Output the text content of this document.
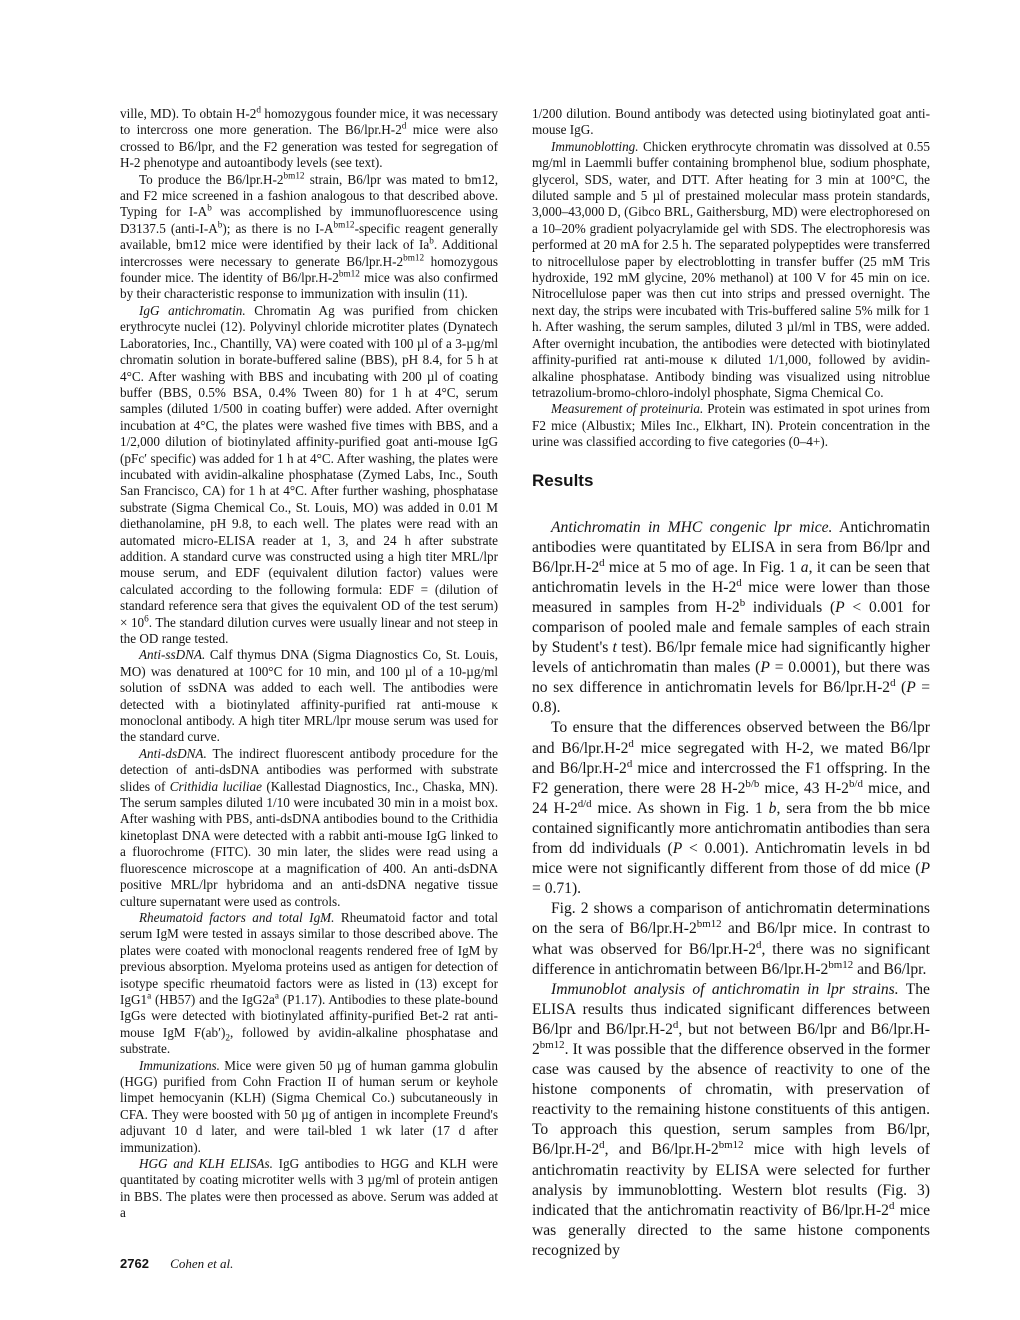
ville, MD). To obtain H-2$^d$ homozygous founder mice, it was necessary to intercross one more generation. The B6/lpr.H-2$^d$ mice were also crossed to B6/lpr, and the F2 generation was tested for segregation of H-2 phenotype and autoantibody levels (see text).

To produce the $B6/lpr.H-2^{bm12}$ strain, B6/lpr was mated to bm12, and F2 mice screened in a fashion analogous to that described above. Typing for $I-A^b$ was accomplished by immunofluorescence using D3137.5 $(anti-I-A^b)$; as there is no $I-A^{bm12}$-specific reagent generally available, bm12 mice were identified by their lack of Ia$^b$. Additional intercrosses were necessary to generate $B6/lpr.H-2^{bm12}$ homozygous founder mice. The identity of $B6/lpr.H-2^{bm12}$ mice was also confirmed by their characteristic response to immunization with insulin (11).

IgG antichromatin. Chromatin Ag was purified from chicken erythrocyte nuclei (12). Polyvinyl chloride microtiter plates (Dynatech Laboratories, Inc., Chantilly, VA) were coated with 100 µl of a 3-µg/ml chromatin solution in borate-buffered saline (BBS), pH 8.4, for 5 h at 4°C. After washing with BBS and incubating with 200 µl of coating buffer (BBS, 0.5% BSA, 0.4% Tween 80) for 1 h at 4°C, serum samples (diluted 1/500 in coating buffer) were added. After overnight incubation at 4°C, the plates were washed five times with BBS, and a 1/2,000 dilution of biotinylated affinity-purified goat anti-mouse IgG (pFc′ specific) was added for 1 h at 4°C. After washing, the plates were incubated with avidin-alkaline phosphatase (Zymed Labs, Inc., South San Francisco, CA) for 1 h at 4°C. After further washing, phosphatase substrate (Sigma Chemical Co., St. Louis, MO) was added in 0.01 M diethanolamine, pH 9.8, to each well. The plates were read with an automated micro-ELISA reader at 1, 3, and 24 h after substrate addition. A standard curve was constructed using a high titer MRL/lpr mouse serum, and EDF (equivalent dilution factor) values were calculated according to the following formula: EDF = (dilution of standard reference sera that gives the equivalent OD of the test serum) × $10^6$. The standard dilution curves were usually linear and not steep in the OD range tested.

Anti-ssDNA. Calf thymus DNA (Sigma Diagnostics Co, St. Louis, MO) was denatured at 100°C for 10 min, and 100 µl of a 10-µg/ml solution of ssDNA was added to each well. The antibodies were detected with a biotinylated affinity-purified rat anti-mouse κ monoclonal antibody. A high titer MRL/lpr mouse serum was used for the standard curve.

Anti-dsDNA. The indirect fluorescent antibody procedure for the detection of anti-dsDNA antibodies was performed with substrate slides of Crithidia luciliae (Kallestad Diagnostics, Inc., Chaska, MN). The serum samples diluted 1/10 were incubated 30 min in a moist box. After washing with PBS, anti-dsDNA antibodies bound to the Crithidia kinetoplast DNA were detected with a rabbit anti-mouse IgG linked to a fluorochrome (FITC). 30 min later, the slides were read using a fluorescence microscope at a magnification of 400. An anti-dsDNA positive MRL/lpr hybridoma and an anti-dsDNA negative tissue culture supernatant were used as controls.

Rheumatoid factors and total IgM. Rheumatoid factor and total serum IgM were tested in assays similar to those described above. The plates were coated with monoclonal reagents rendered free of IgM by previous absorption. Myeloma proteins used as antigen for detection of isotype specific rheumatoid factors were as listed in (13) except for IgG1$^a$ (HB57) and the $IgG2a^a$ (P1.17). Antibodies to these plate-bound IgGs were detected with biotinylated affinity-purified Bet-2 rat anti-mouse IgM $F(ab')_2$, followed by avidin-alkaline phosphatase and substrate.

Immunizations. Mice were given 50 µg of human gamma globulin (HGG) purified from Cohn Fraction II of human serum or keyhole limpet hemocyanin (KLH) (Sigma Chemical Co.) subcutaneously in CFA. They were boosted with 50 µg of antigen in incomplete Freund's adjuvant 10 d later, and were tail-bled 1 wk later (17 d after immunization).

HGG and KLH ELISAs. IgG antibodies to HGG and KLH were quantitated by coating microtiter wells with 3 µg/ml of protein antigen in BBS. The plates were then processed as above. Serum was added at a

1/200 dilution. Bound antibody was detected using biotinylated goat anti-mouse IgG.

Immunoblotting. Chicken erythrocyte chromatin was dissolved at 0.55 mg/ml in Laemmli buffer containing bromphenol blue, sodium phosphate, glycerol, SDS, water, and DTT. After heating for 3 min at 100°C, the diluted sample and 5 µl of prestained molecular mass protein standards, 3,000–43,000 D, (Gibco BRL, Gaithersburg, MD) were electrophoresed on a 10–20% gradient polyacrylamide gel with SDS. The electrophoresis was performed at 20 mA for 2.5 h. The separated polypeptides were transferred to nitrocellulose paper by electroblotting in transfer buffer (25 mM Tris hydroxide, 192 mM glycine, 20% methanol) at 100 V for 45 min on ice. Nitrocellulose paper was then cut into strips and pressed overnight. The next day, the strips were incubated with Tris-buffered saline 5% milk for 1 h. After washing, the serum samples, diluted 3 µl/ml in TBS, were added. After overnight incubation, the antibodies were detected with biotinylated affinity-purified rat anti-mouse κ diluted 1/1,000, followed by avidin-alkaline phosphatase. Antibody binding was visualized using nitroblue tetrazolium-bromo-chloro-indolyl phosphate, Sigma Chemical Co.

Measurement of proteinuria. Protein was estimated in spot urines from F2 mice (Albustix; Miles Inc., Elkhart, IN). Protein concentration in the urine was classified according to five categories (0–4+).

Results

Antichromatin in MHC congenic lpr mice. Antichromatin antibodies were quantitated by ELISA in sera from B6/lpr and B6/lpr.H-2$^d$ mice at 5 mo of age. In Fig. 1 a, it can be seen that antichromatin levels in the H-2$^d$ mice were lower than those measured in samples from H-2$^b$ individuals (P < 0.001 for comparison of pooled male and female samples of each strain by Student's t test). B6/lpr female mice had significantly higher levels of antichromatin than males (P = 0.0001), but there was no sex difference in antichromatin levels for B6/lpr.H-2$^d$ (P = 0.8).

To ensure that the differences observed between the B6/lpr and B6/lpr.H-2$^d$ mice segregated with H-2, we mated B6/lpr and B6/lpr.H-2$^d$ mice and intercrossed the F1 offspring. In the F2 generation, there were 28 $H-2^{b/b}$ mice, 43 $H-2^{b/d}$ mice, and 24 $H-2^{d/d}$ mice. As shown in Fig. 1 b, sera from the bb mice contained significantly more antichromatin antibodies than sera from dd individuals (P < 0.001). Antichromatin levels in bd mice were not significantly different from those of dd mice (P = 0.71).

Fig. 2 shows a comparison of antichromatin determinations on the sera of $B6/lpr.H-2^{bm12}$ and B6/lpr mice. In contrast to what was observed for B6/lpr.H-2$^d$, there was no significant difference in antichromatin between $B6/lpr.H-2^{bm12}$ and B6/lpr.

Immunoblot analysis of antichromatin in lpr strains. The ELISA results thus indicated significant differences between B6/lpr and B6/lpr.H-2$^d$, but not between B6/lpr and $B6/lpr.H-2^{bm12}$. It was possible that the difference observed in the former case was caused by the absence of reactivity to one of the histone components of chromatin, with preservation of reactivity to the remaining histone constituents of this antigen. To approach this question, serum samples from B6/lpr, B6/lpr.H-2$^d$, and $B6/lpr.H-2^{bm12}$ mice with high levels of antichromatin reactivity by ELISA were selected for further analysis by immunoblotting. Western blot results (Fig. 3) indicated that the antichromatin reactivity of B6/lpr.H-2$^d$ mice was generally directed to the same histone components recognized by

2762 Cohen et al.
